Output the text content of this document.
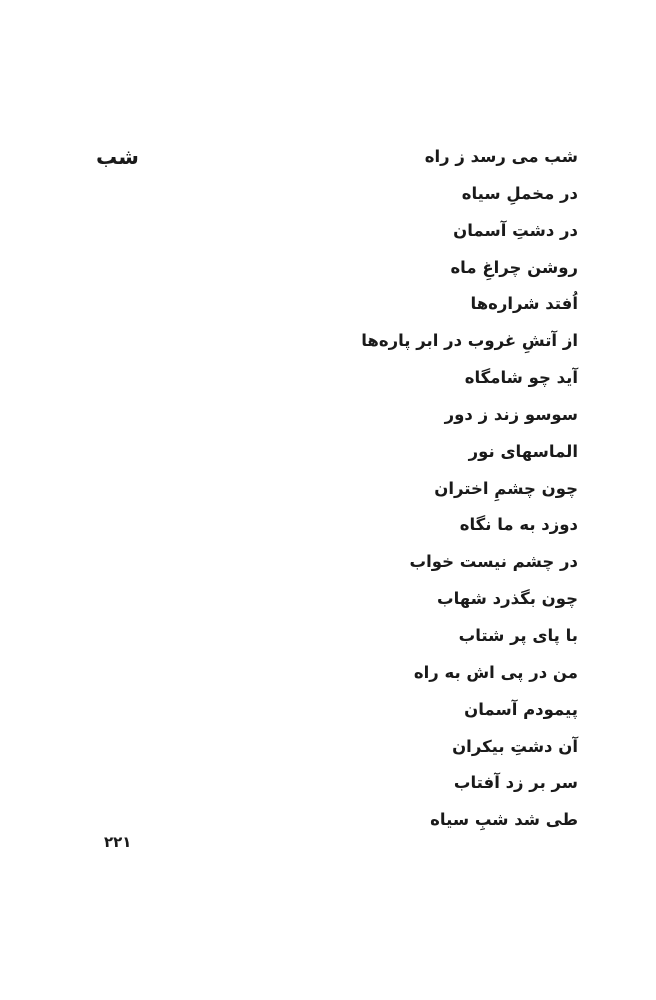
شب	شب می رسد ز راه
در مخملِ سیاه
در دشتِ آسمان
روشن چراغِ ماه
اُفتد شراره‌ها
از آتشِ غروب در ابر پاره‌ها
آید چو شامگاه
سوسو زند ز دور
الماسهای نور
چون چشمِ اختران
دوزد به ما نگاه
در چشم نیست خواب
چون بگذرد شهاب
با پای پر شتاب
من در پی اش به راه
پیمودم آسمان
آن دشتِ بیکران
سر بر زد آفتاب
طی شد شبِ سیاه
۲۲۱
